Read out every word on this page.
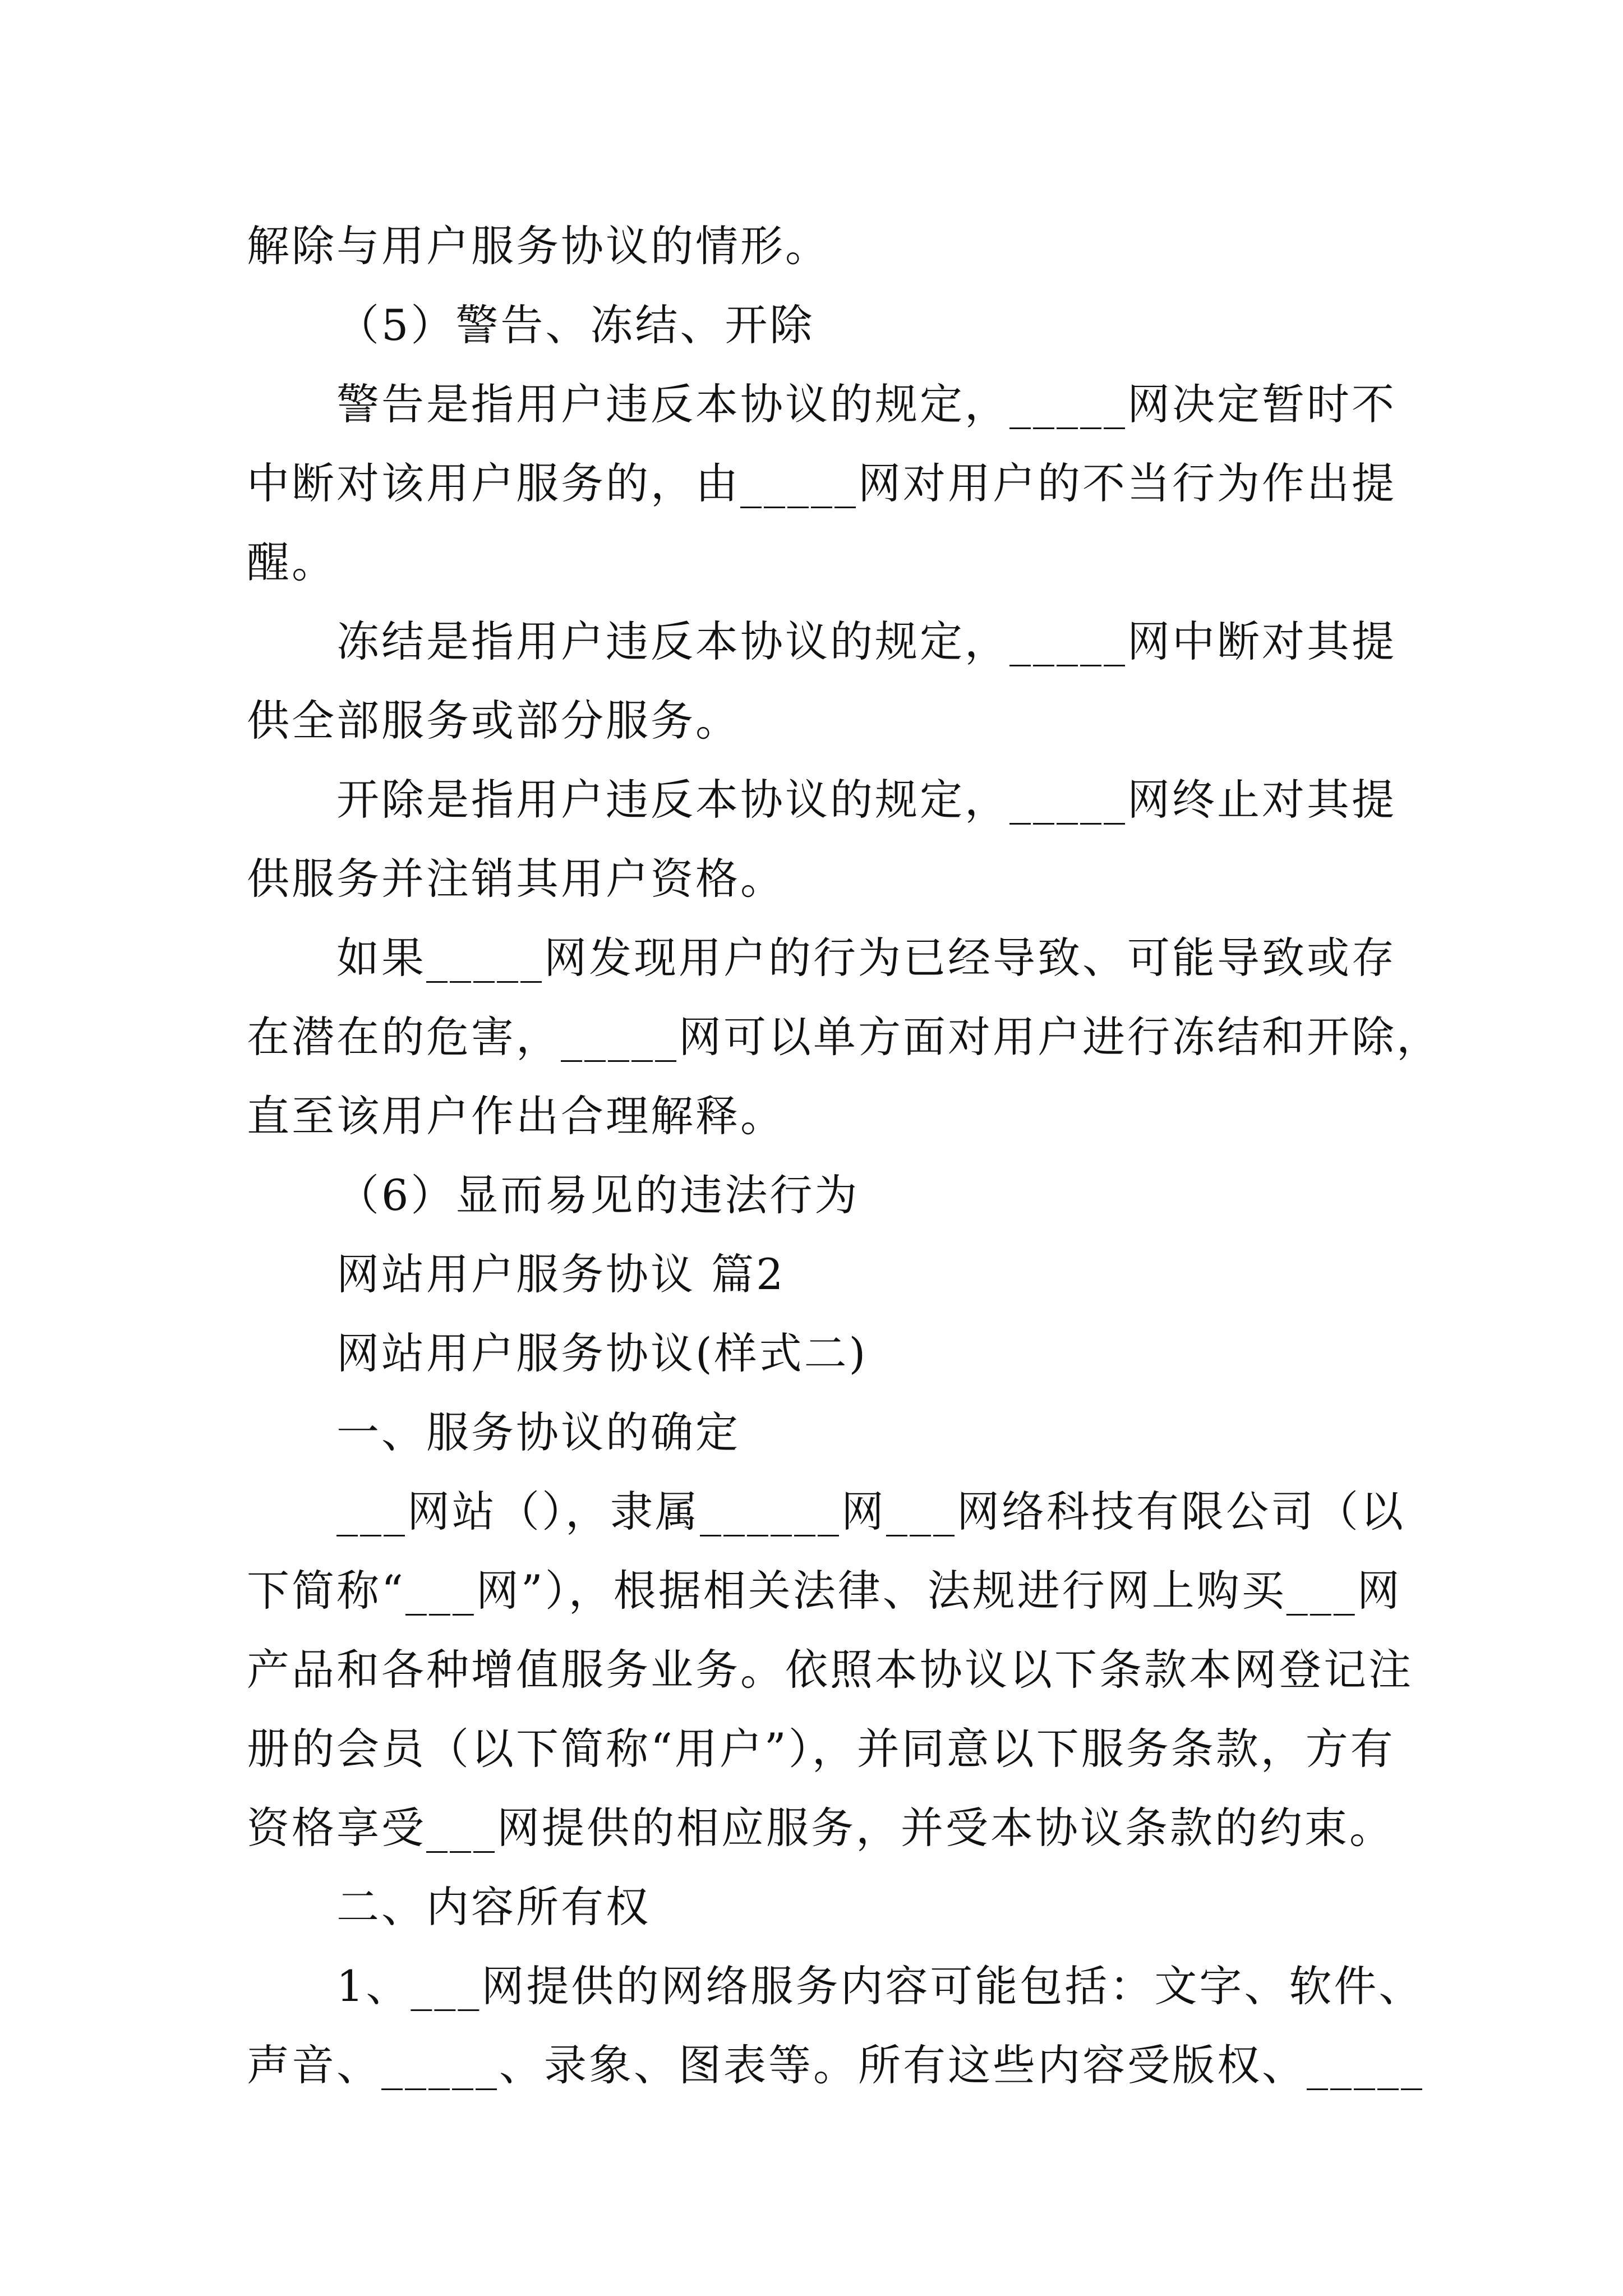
解除与用户服务协议的情形。

（5）警告、冻结、开除

警告是指用户违反本协议的规定，_____网决定暂时不
中断对该用户服务的，由_____网对用户的不当行为作出提
醒。

冻结是指用户违反本协议的规定，_____网中断对其提
供全部服务或部分服务。

开除是指用户违反本协议的规定，_____网终止对其提
供服务并注销其用户资格。

如果_____网发现用户的行为已经导致、可能导致或存
在潜在的危害，_____网可以单方面对用户进行冻结和开除，
直至该用户作出合理解释。

（6）显而易见的违法行为

网站用户服务协议 篇2

网站用户服务协议(样式二)

一、服务协议的确定

___网站（），隶属______网___网络科技有限公司（以
下简称“___网”），根据相关法律、法规进行网上购买___网
产品和各种增值服务业务。依照本协议以下条款本网登记注
册的会员（以下简称“用户”），并同意以下服务条款，方有
资格享受___网提供的相应服务，并受本协议条款的约束。

二、内容所有权

1、___网提供的网络服务内容可能包括：文字、软件、
声音、_____、录象、图表等。所有这些内容受版权、_____
